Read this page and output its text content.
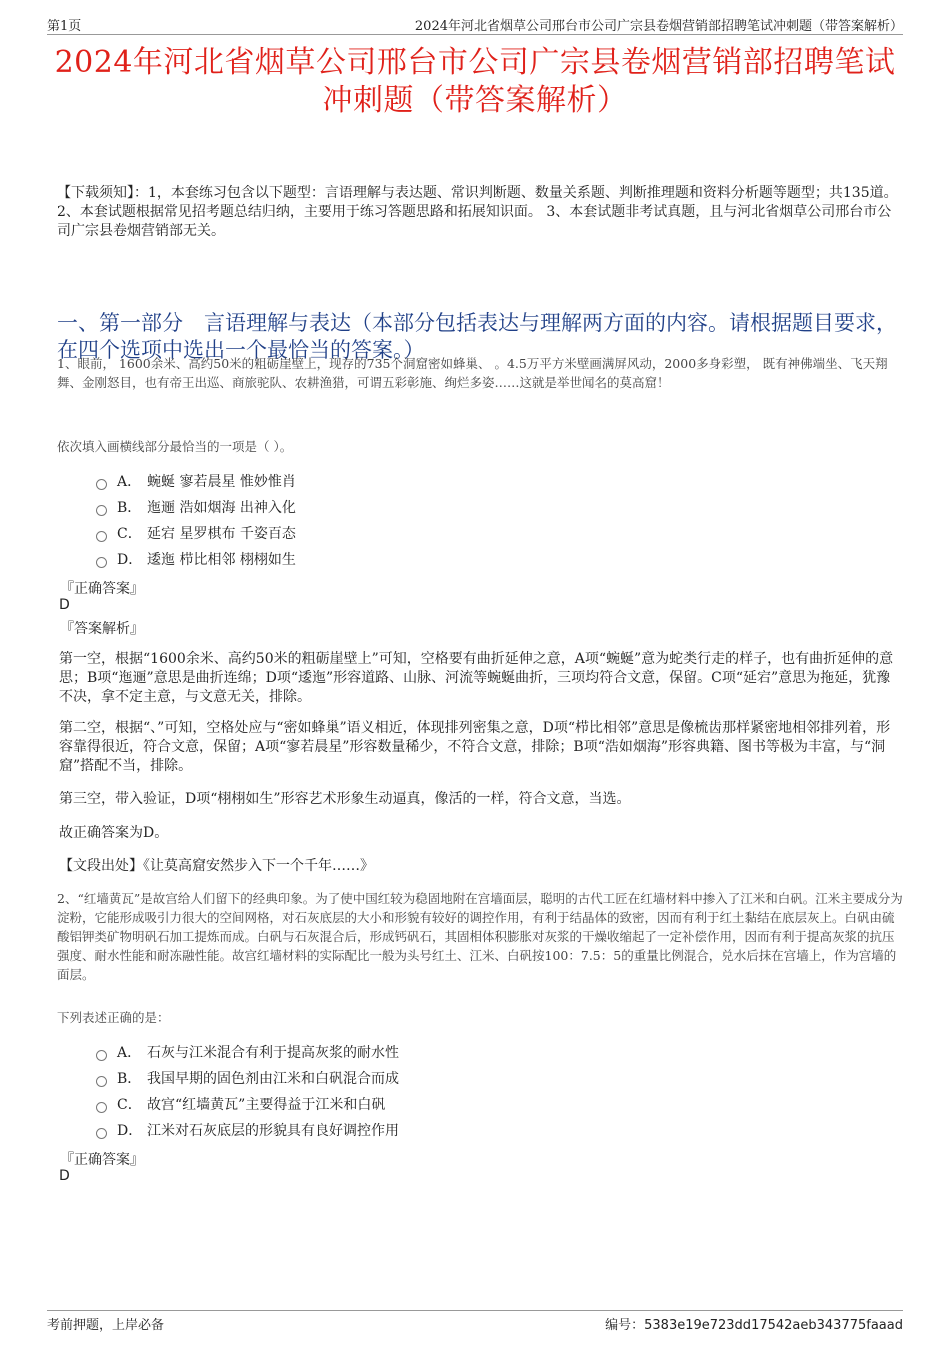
第1页	2024年河北省烟草公司邢台市公司广宗县卷烟营销部招聘笔试冲刺题（带答案解析）
2024年河北省烟草公司邢台市公司广宗县卷烟营销部招聘笔试
冲刺题（带答案解析）
【下载须知】：1，本套练习包含以下题型：言语理解与表达题、常识判断题、数量关系题、判断推理题和资料分析题等题型；共135道。 2、本套试题根据常见招考题总结归纳，主要用于练习答题思路和拓展知识面。 3、本套试题非考试真题，且与河北省烟草公司邢台市公司广宗县卷烟营销部无关。
一、第一部分　言语理解与表达（本部分包括表达与理解两方面的内容。请根据题目要求，在四个选项中选出一个最恰当的答案。）
1、眼前， 1600余米、高约50米的粗砺崖壁上，现存的735个洞窟密如蜂巢、 。4.5万平方米壁画满屏风动，2000多身彩塑， 既有神佛端坐、飞天翔舞、金刚怒目，也有帝王出巡、商旅驼队、农耕渔猎，可谓五彩彰施、绚烂多姿……这就是举世闻名的莫高窟！
依次填入画横线部分最恰当的一项是（ ）。
A． 蜿蜒 寥若晨星 惟妙惟肖
B． 迤逦 浩如烟海 出神入化
C． 延宕 星罗棋布 千姿百态
D． 逶迤 栉比相邻 栩栩如生
『正确答案』
D
『答案解析』
第一空，根据“1600余米、高约50米的粗砺崖壁上”可知，空格要有曲折延伸之意，A项“蜿蜒”意为蛇类行走的样子，也有曲折延伸的意思；B项“迤逦”意思是曲折连绵；D项“逶迤”形容道路、山脉、河流等蜿蜒曲折，三项均符合文意，保留。C项“延宕”意思为拖延，犹豫不决，拿不定主意，与文意无关，排除。
第二空，根据“、”可知，空格处应与“密如蜂巢”语义相近，体现排列密集之意，D项“栉比相邻”意思是像梳齿那样紧密地相邻排列着，形容靠得很近，符合文意，保留；A项“寥若晨星”形容数量稀少，不符合文意，排除；B项“浩如烟海”形容典籍、图书等极为丰富，与“洞窟”搭配不当，排除。
第三空，带入验证，D项“栩栩如生”形容艺术形象生动逼真，像活的一样，符合文意，当选。
故正确答案为D。
【文段出处】《让莫高窟安然步入下一个千年……》
2、“红墙黄瓦”是故宫给人们留下的经典印象。为了使中国红较为稳固地附在宫墙面层，聪明的古代工匠在红墙材料中掺入了江米和白矾。江米主要成分为淀粉，它能形成吸引力很大的空间网格，对石灰底层的大小和形貌有较好的调控作用，有利于结晶体的致密，因而有利于红土黏结在底层灰上。白矾由硫酸铝钾类矿物明矾石加工提炼而成。白矾与石灰混合后，形成钙矾石，其固相体积膨胀对灰浆的干燥收缩起了一定补偿作用，因而有利于提高灰浆的抗压强度、耐水性能和耐冻融性能。故宫红墙材料的实际配比一般为头号红土、江米、白矾按100：7.5：5的重量比例混合，兑水后抹在宫墙上，作为宫墙的面层。
下列表述正确的是：
A． 石灰与江米混合有利于提高灰浆的耐水性
B． 我国早期的固色剂由江米和白矾混合而成
C． 故宫“红墙黄瓦”主要得益于江米和白矾
D． 江米对石灰底层的形貌具有良好调控作用
『正确答案』
D
考前押题，上岸必备	编号：5383e19e723dd17542aeb343775faaad
